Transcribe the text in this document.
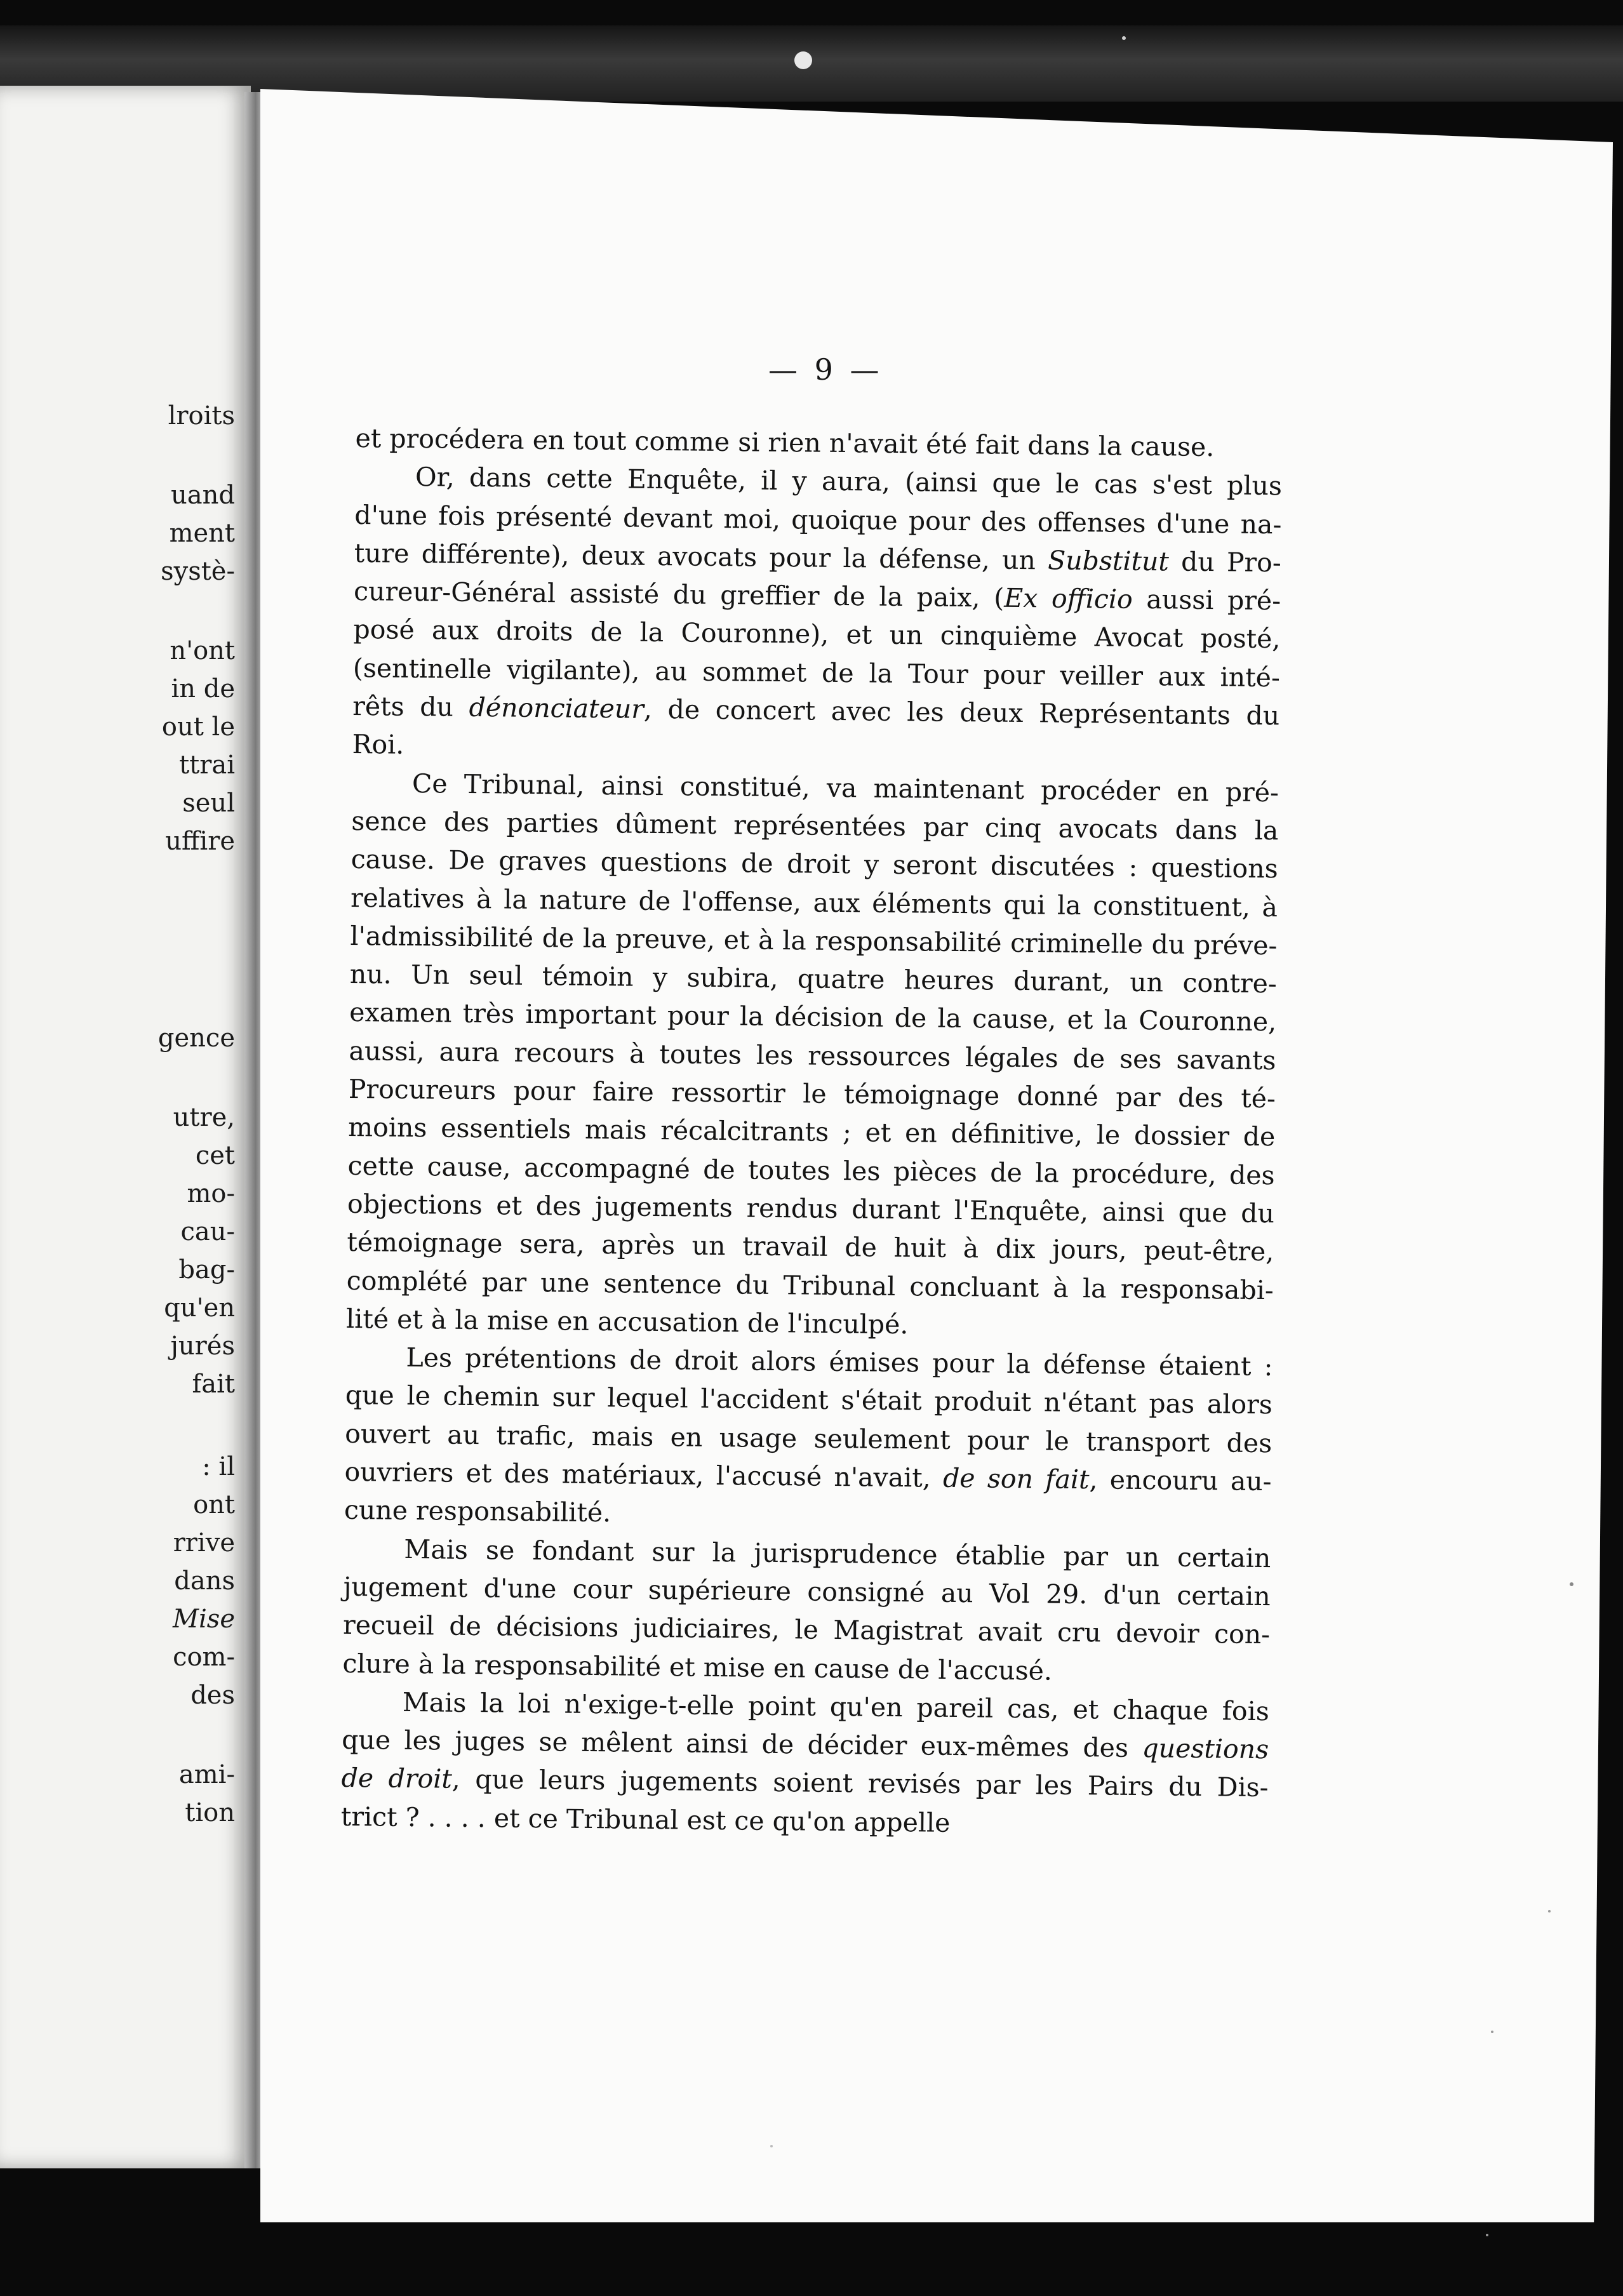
lroits
uand
ment
systè-
n'ont
in de
out le
ttrai
seul
uffire
gence
utre,
cet
mo-
cau-
bag-
qu'en
jurés
fait
: il
ont
rrive
dans
Mise
com-
des
ami-
tion
— 9 —

et procédera en tout comme si rien n'avait été fait dans la cause.

Or, dans cette Enquête, il y aura, (ainsi que le cas s'est plus
d'une fois présenté devant moi, quoique pour des offenses d'une na-
ture différente), deux avocats pour la défense, un Substitut du Pro-
cureur-Général assisté du greffier de la paix, (Ex officio aussi pré-
posé aux droits de la Couronne), et un cinquième Avocat posté,
(sentinelle vigilante), au sommet de la Tour pour veiller aux inté-
rêts du dénonciateur, de concert avec les deux Représentants du
Roi.

Ce Tribunal, ainsi constitué, va maintenant procéder en pré-
sence des parties dûment représentées par cinq avocats dans la
cause. De graves questions de droit y seront discutées : questions
relatives à la nature de l'offense, aux éléments qui la constituent, à
l'admissibilité de la preuve, et à la responsabilité criminelle du préve-
nu. Un seul témoin y subira, quatre heures durant, un contre-
examen très important pour la décision de la cause, et la Couronne,
aussi, aura recours à toutes les ressources légales de ses savants
Procureurs pour faire ressortir le témoignage donné par des té-
moins essentiels mais récalcitrants ; et en définitive, le dossier de
cette cause, accompagné de toutes les pièces de la procédure, des
objections et des jugements rendus durant l'Enquête, ainsi que du
témoignage sera, après un travail de huit à dix jours, peut-être,
complété par une sentence du Tribunal concluant à la responsabi-
lité et à la mise en accusation de l'inculpé.

Les prétentions de droit alors émises pour la défense étaient :
que le chemin sur lequel l'accident s'était produit n'étant pas alors
ouvert au trafic, mais en usage seulement pour le transport des
ouvriers et des matériaux, l'accusé n'avait, de son fait, encouru au-
cune responsabilité.

Mais se fondant sur la jurisprudence établie par un certain
jugement d'une cour supérieure consigné au Vol 29. d'un certain
recueil de décisions judiciaires, le Magistrat avait cru devoir con-
clure à la responsabilité et mise en cause de l'accusé.

Mais la loi n'exige-t-elle point qu'en pareil cas, et chaque fois
que les juges se mêlent ainsi de décider eux-mêmes des questions
de droit, que leurs jugements soient revisés par les Pairs du Dis-
trict ? . . . . et ce Tribunal est ce qu'on appelle
